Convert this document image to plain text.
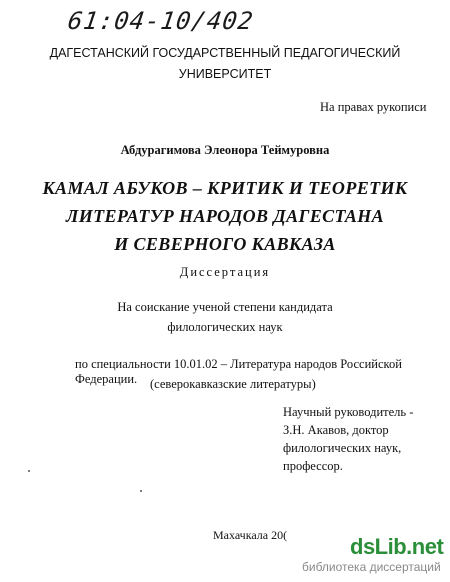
61:04-10/402
ДАГЕСТАНСКИЙ ГОСУДАРСТВЕННЫЙ ПЕДАГОГИЧЕСКИЙ
УНИВЕРСИТЕТ
На правах рукописи
Абдурагимова Элеонора Теймуровна
КАМАЛ АБУКОВ – КРИТИК И ТЕОРЕТИК
ЛИТЕРАТУР НАРОДОВ ДАГЕСТАНА
И СЕВЕРНОГО КАВКАЗА
Диссертация
На соискание ученой степени кандидата
филологических наук
по специальности 10.01.02 – Литература народов Российской Федерации.	(северокавказские литературы)
Научный руководитель -
З.Н. Акавов, доктор
филологических наук,
профессор.
Махачкала 20(	dsLib.net
библиотека диссертаций
